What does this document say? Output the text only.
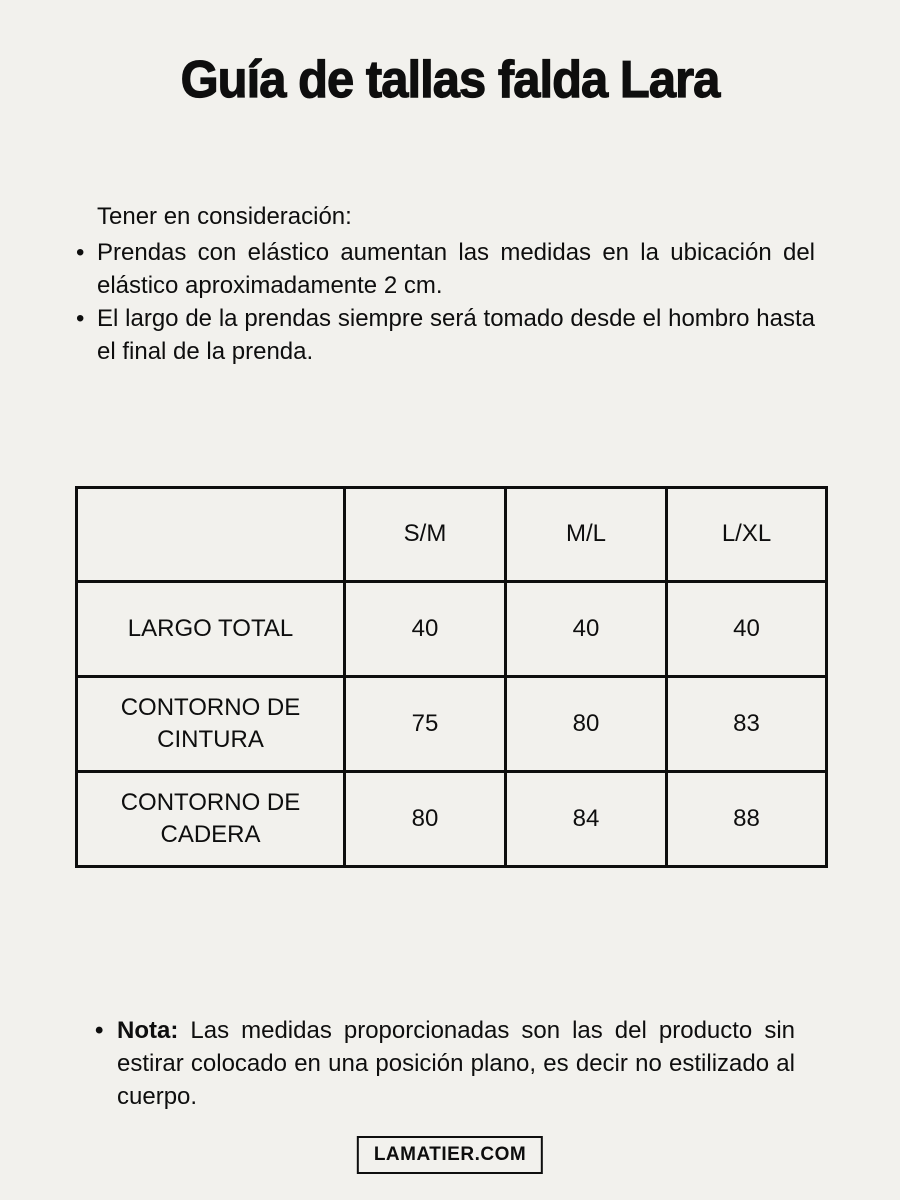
Guía de tallas falda Lara

Tener en consideración:

• Prendas con elástico aumentan las medidas en la ubicación del elástico aproximadamente 2 cm.
• El largo de la prendas siempre será tomado desde el hombro hasta el final de la prenda.
	S/M	M/L	L/XL
LARGO TOTAL	40	40	40
CONTORNO DE CINTURA	75	80	83
CONTORNO DE CADERA	80	84	88
• Nota: Las medidas proporcionadas son las del producto sin estirar colocado en una posición plano, es decir no estilizado al cuerpo.
LAMATIER.COM
